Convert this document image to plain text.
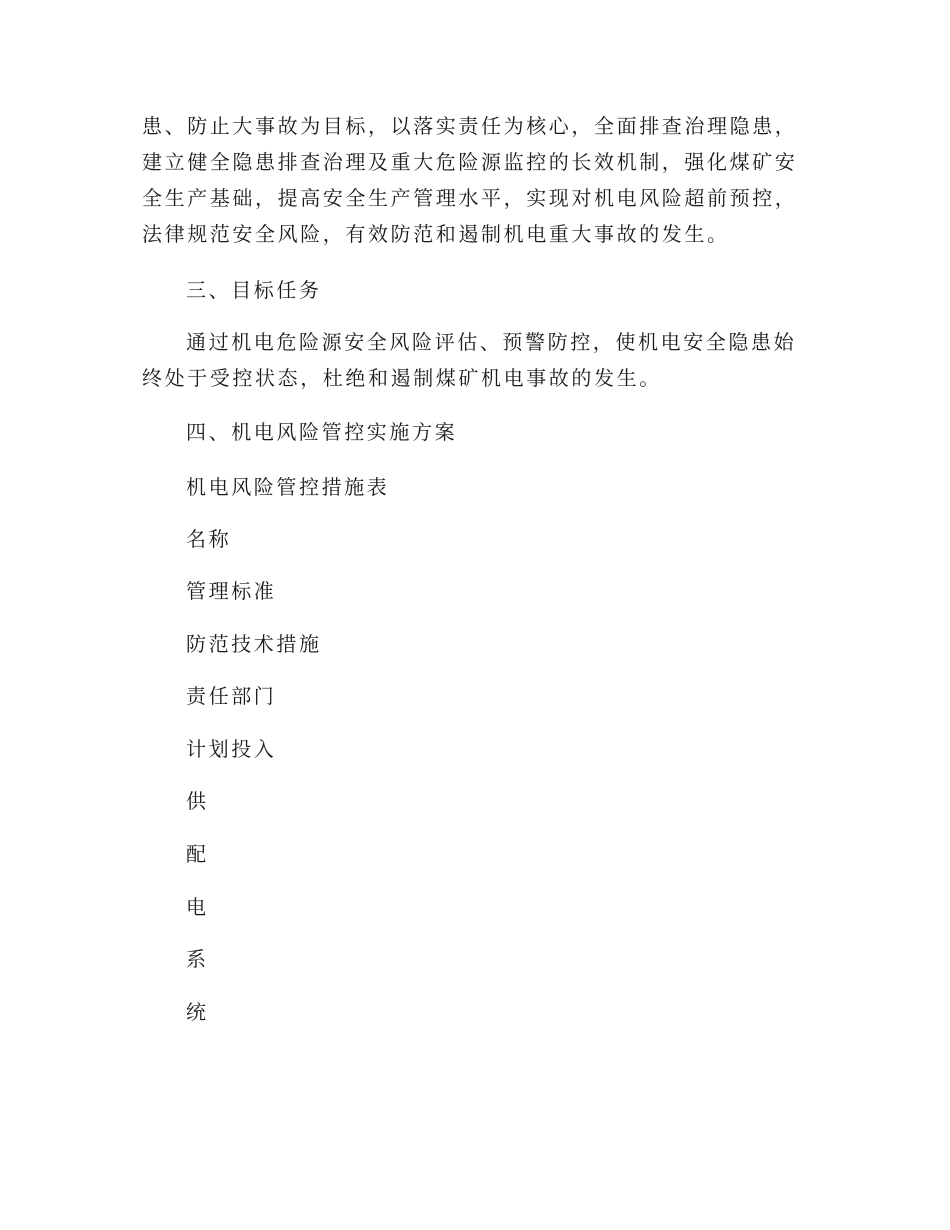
患、防止大事故为目标，以落实责任为核心，全面排查治理隐患，建立健全隐患排查治理及重大危险源监控的长效机制，强化煤矿安全生产基础，提高安全生产管理水平，实现对机电风险超前预控，法律规范安全风险，有效防范和遏制机电重大事故的发生。

三、目标任务

通过机电危险源安全风险评估、预警防控，使机电安全隐患始终处于受控状态，杜绝和遏制煤矿机电事故的发生。

四、机电风险管控实施方案

机电风险管控措施表

名称

管理标准

防范技术措施

责任部门

计划投入

供

配

电

系

统
